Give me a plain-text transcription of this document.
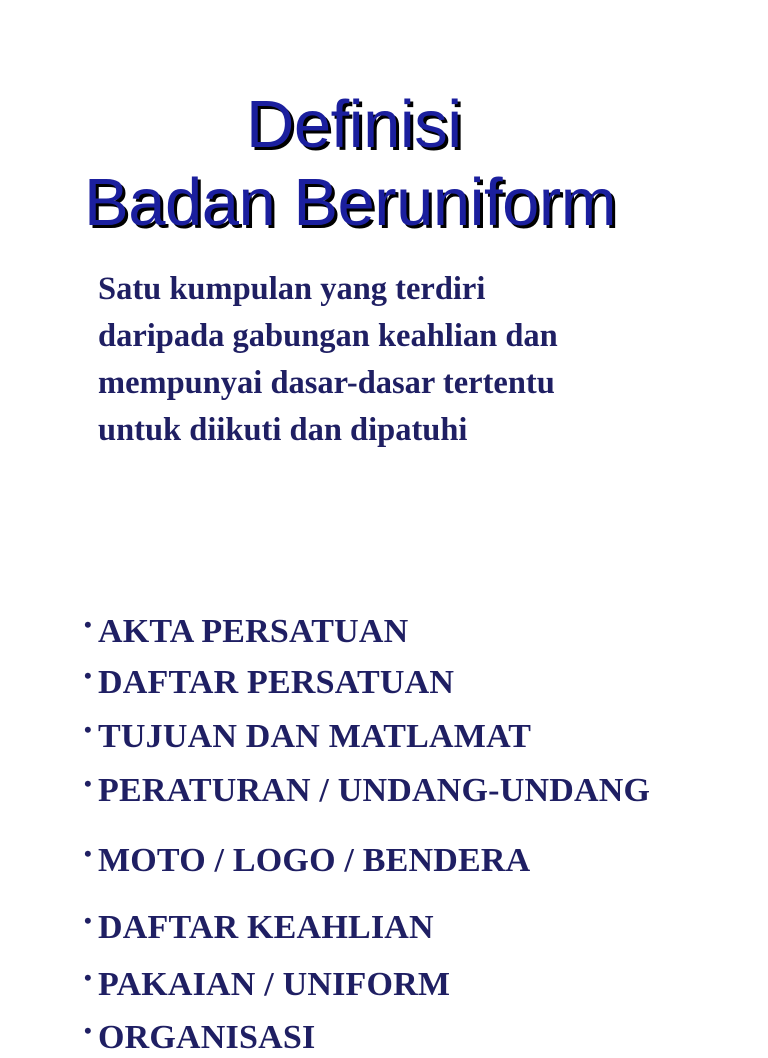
Definisi
Badan Beruniform

Satu kumpulan yang terdiri
daripada gabungan keahlian dan
mempunyai dasar-dasar tertentu
untuk diikuti dan dipatuhi

• AKTA PERSATUAN
• DAFTAR PERSATUAN
• TUJUAN DAN MATLAMAT
• PERATURAN / UNDANG-UNDANG
• MOTO / LOGO / BENDERA
• DAFTAR KEAHLIAN
• PAKAIAN / UNIFORM
• ORGANISASI
